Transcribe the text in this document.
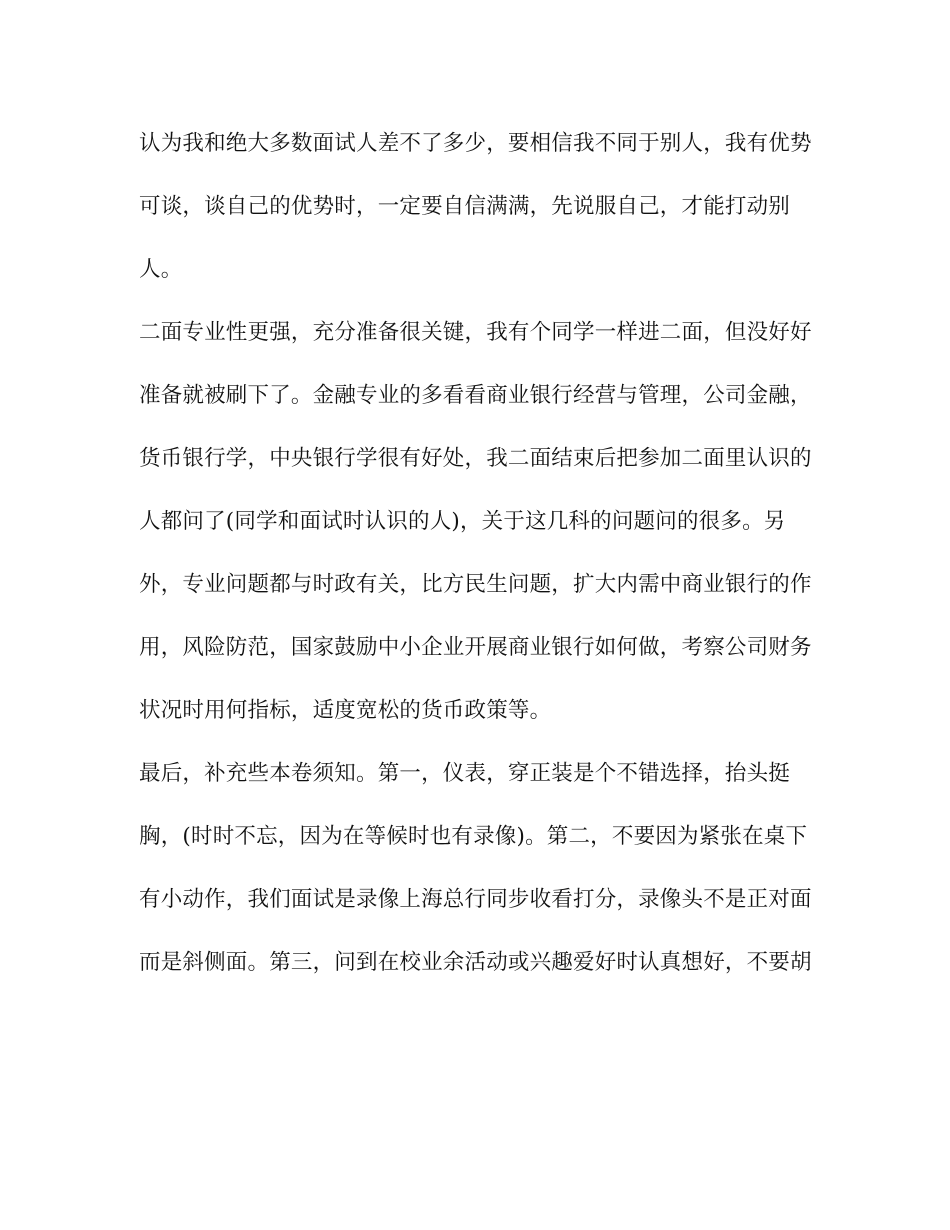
认为我和绝大多数面试人差不了多少，要相信我不同于别人，我有优势
可谈，谈自己的优势时，一定要自信满满，先说服自己，才能打动别
人。
二面专业性更强，充分准备很关键，我有个同学一样进二面，但没好好
准备就被刷下了。金融专业的多看看商业银行经营与管理，公司金融，
货币银行学，中央银行学很有好处，我二面结束后把参加二面里认识的
人都问了(同学和面试时认识的人)，关于这几科的问题问的很多。另
外，专业问题都与时政有关，比方民生问题，扩大内需中商业银行的作
用，风险防范，国家鼓励中小企业开展商业银行如何做，考察公司财务
状况时用何指标，适度宽松的货币政策等。
最后，补充些本卷须知。第一，仪表，穿正装是个不错选择，抬头挺
胸，(时时不忘，因为在等候时也有录像)。第二，不要因为紧张在桌下
有小动作，我们面试是录像上海总行同步收看打分，录像头不是正对面
而是斜侧面。第三，问到在校业余活动或兴趣爱好时认真想好，不要胡
